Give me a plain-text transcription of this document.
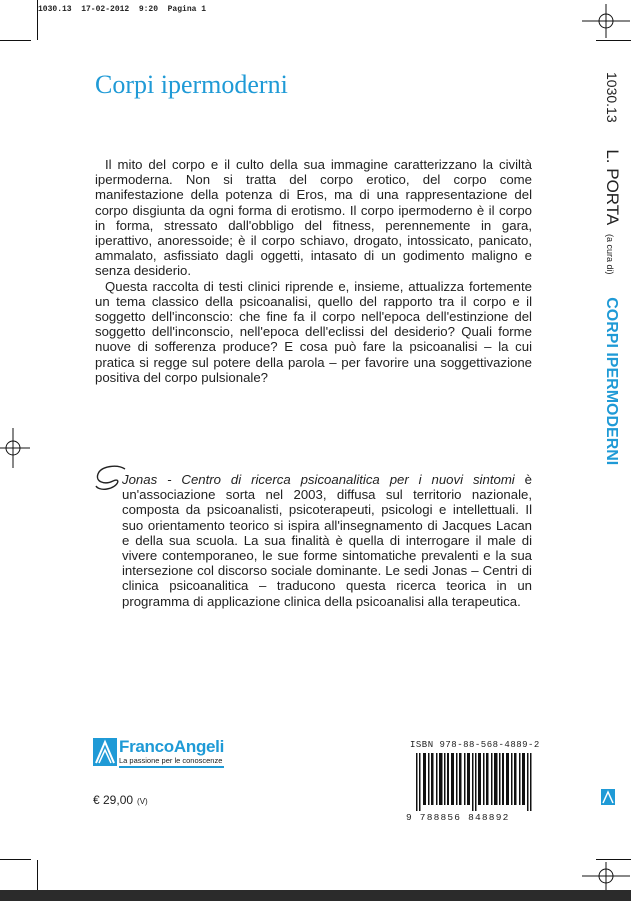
1030.13  17-02-2012  9:20  Pagina 1
Corpi ipermoderni

Il mito del corpo e il culto della sua immagine caratterizzano la civiltà ipermoderna. Non si tratta del corpo erotico, del corpo come manifestazione della potenza di Eros, ma di una rappresentazione del corpo disgiunta da ogni forma di erotismo. Il corpo ipermoderno è il corpo in forma, stressato dall'obbligo del fitness, perennemente in gara, iperattivo, anoressoide; è il corpo schiavo, drogato, intossicato, panicato, ammalato, asfissiato dagli oggetti, intasato di un godimento maligno e senza desiderio.

Questa raccolta di testi clinici riprende e, insieme, attualizza fortemente un tema classico della psicoanalisi, quello del rapporto tra il corpo e il soggetto dell'inconscio: che fine fa il corpo nell'epoca dell'estinzione del soggetto dell'inconscio, nell'epoca dell'eclissi del desiderio? Quali forme nuove di sofferenza produce? E cosa può fare la psicoanalisi – la cui pratica si regge sul potere della parola – per favorire una soggettivazione positiva del corpo pulsionale?

Jonas - Centro di ricerca psicoanalitica per i nuovi sintomi è un'associazione sorta nel 2003, diffusa sul territorio nazionale, composta da psicoanalisti, psicoterapeuti, psicologi e intellettuali. Il suo orientamento teorico si ispira all'insegnamento di Jacques Lacan e della sua scuola. La sua finalità è quella di interrogare il male di vivere contemporaneo, le sue forme sintomatiche prevalenti e la sua intersezione col discorso sociale dominante. Le sedi Jonas – Centri di clinica psicoanalitica – traducono questa ricerca teorica in un programma di applicazione clinica della psicoanalisi alla terapeutica.
1030.13 L. PORTA (a cura di) CORPI IPERMODERNI
FrancoAngeli
La passione per le conoscenze
€ 29,00 (V)
ISBN 978-88-568-4889-2
9 788856 848892
